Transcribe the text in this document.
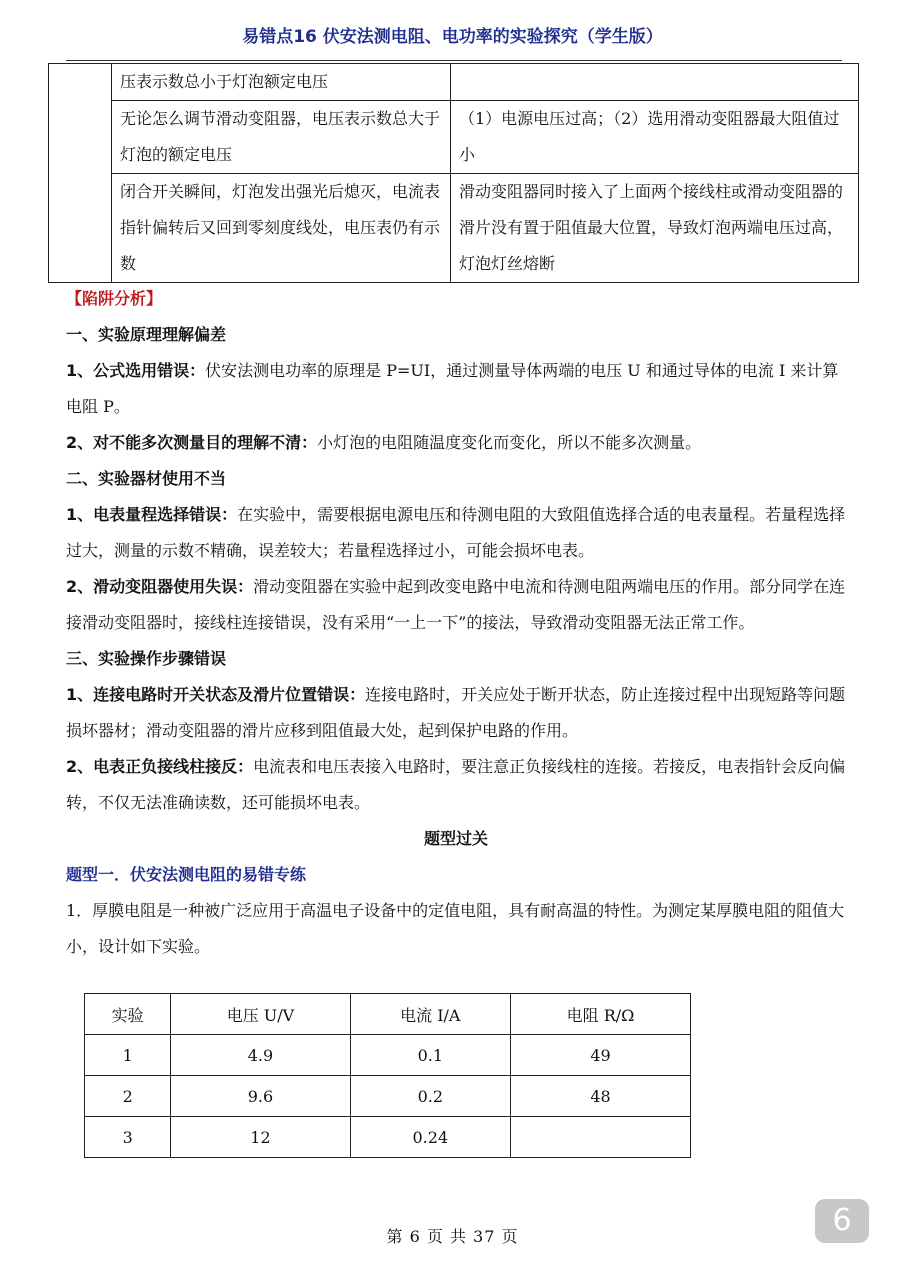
易错点16 伏安法测电阻、电功率的实验探究（学生版）
	压表示数总小于灯泡额定电压	
	无论怎么调节滑动变阻器，电压表示数总大于灯泡的额定电压	（1）电源电压过高；（2）选用滑动变阻器最大阻值过小
	闭合开关瞬间，灯泡发出强光后熄灭，电流表指针偏转后又回到零刻度线处，电压表仍有示数	滑动变阻器同时接入了上面两个接线柱或滑动变阻器的滑片没有置于阻值最大位置，导致灯泡两端电压过高，灯泡灯丝熔断
【陷阱分析】
一、实验原理理解偏差
1、公式选用错误：伏安法测电功率的原理是 P=UI，通过测量导体两端的电压 U 和通过导体的电流 I 来计算电阻 P。
2、对不能多次测量目的理解不清：小灯泡的电阻随温度变化而变化，所以不能多次测量。
二、实验器材使用不当
1、电表量程选择错误：在实验中，需要根据电源电压和待测电阻的大致阻值选择合适的电表量程。若量程选择过大，测量的示数不精确，误差较大；若量程选择过小，可能会损坏电表。
2、滑动变阻器使用失误：滑动变阻器在实验中起到改变电路中电流和待测电阻两端电压的作用。部分同学在连接滑动变阻器时，接线柱连接错误，没有采用“一上一下”的接法，导致滑动变阻器无法正常工作。
三、实验操作步骤错误
1、连接电路时开关状态及滑片位置错误：连接电路时，开关应处于断开状态，防止连接过程中出现短路等问题损坏器材；滑动变阻器的滑片应移到阻值最大处，起到保护电路的作用。
2、电表正负接线柱接反：电流表和电压表接入电路时，要注意正负接线柱的连接。若接反，电表指针会反向偏转，不仅无法准确读数，还可能损坏电表。
题型过关
题型一．伏安法测电阻的易错专练
1．厚膜电阻是一种被广泛应用于高温电子设备中的定值电阻，具有耐高温的特性。为测定某厚膜电阻的阻值大小，设计如下实验。
实验	电压 U/V	电流 I/A	电阻 R/Ω
1	4.9	0.1	49
2	9.6	0.2	48
3	12	0.24	
第 6 页 共 37 页	6
